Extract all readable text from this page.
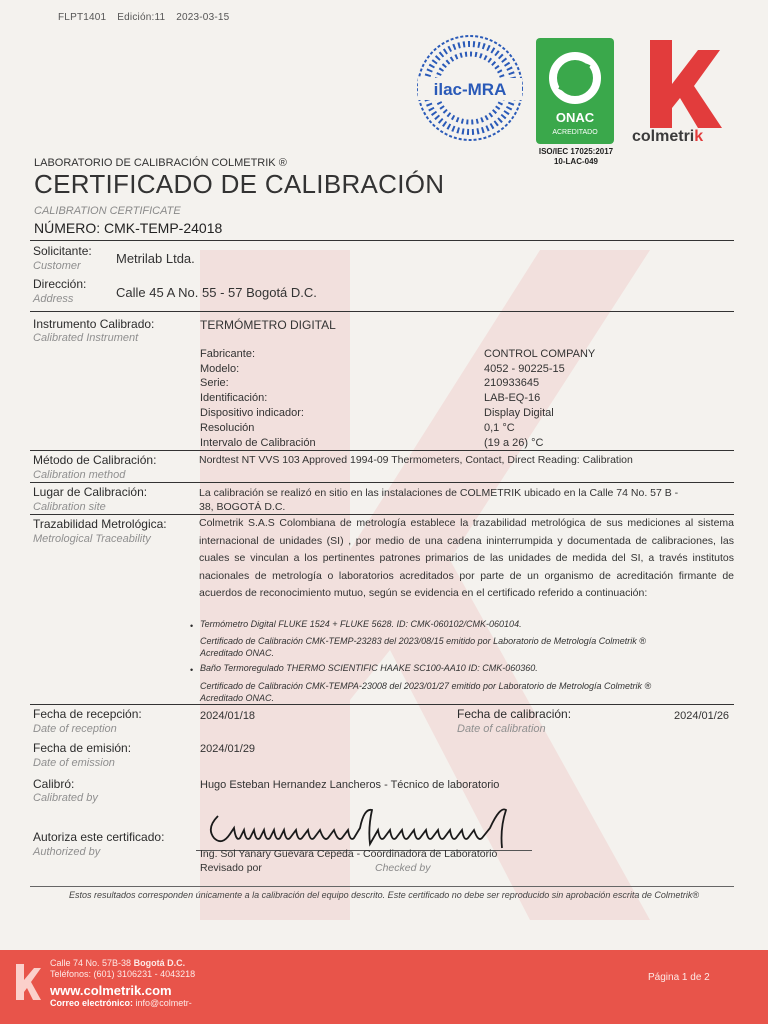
FLPT1401 Edición:11 2023-03-15
ilac-MRA
ONAC
ACREDITADO
ISO/IEC 17025:2017
10-LAC-049
colmetrik
LABORATORIO DE CALIBRACIÓN COLMETRIK ®
CERTIFICADO DE CALIBRACIÓN
CALIBRATION CERTIFICATE
NÚMERO: CMK-TEMP-24018
Solicitante:
Customer	Metrilab Ltda.
Dirección:
Address	Calle 45 A No. 55 - 57 Bogotá D.C.
Instrumento Calibrado:
Calibrated Instrument
TERMÓMETRO DIGITAL
Fabricante:	CONTROL COMPANY
Modelo:	4052 - 90225-15
Serie:	210933645
Identificación:	LAB-EQ-16
Dispositivo indicador:	Display Digital
Resolución	0,1 °C
Intervalo de Calibración	(19 a 26) °C
Método de Calibración:
Calibration method
Nordtest NT VVS 103 Approved 1994-09 Thermometers, Contact, Direct Reading: Calibration
Lugar de Calibración:
Calibration site
La calibración se realizó en sitio en las instalaciones de COLMETRIK ubicado en la Calle 74 No. 57 B -
38, BOGOTÁ D.C.
Trazabilidad Metrológica:
Metrological Traceability
Colmetrik S.A.S Colombiana de metrología establece la trazabilidad metrológica de sus mediciones al sistema internacional de unidades (SI) , por medio de una cadena ininterrumpida y documentada de calibraciones, las cuales se vinculan a los pertinentes patrones primarios de las unidades de medida del SI, a través institutos nacionales de metrología o laboratorios acreditados por parte de un organismo de acreditación firmante de acuerdos de reconocimiento mutuo, según se evidencia en el certificado referido a continuación:
• Termómetro Digital FLUKE 1524 + FLUKE 5628. ID: CMK-060102/CMK-060104.
Certificado de Calibración CMK-TEMP-23283 del 2023/08/15 emitido por Laboratorio de Metrología Colmetrik ®
Acreditado ONAC.
• Baño Termoregulado THERMO SCIENTIFIC HAAKE SC100-AA10 ID: CMK-060360.
Certificado de Calibración CMK-TEMPA-23008 del 2023/01/27 emitido por Laboratorio de Metrología Colmetrik ®
Acreditado ONAC.
Fecha de recepción:
Date of reception
2024/01/18	Fecha de calibración:
Date of calibration
2024/01/26
Fecha de emisión:
Date of emission
2024/01/29
Calibró:
Calibrated by
Hugo Esteban Hernandez Lancheros - Técnico de laboratorio
Autoriza este certificado:
Authorized by	Ing. Sol Yanary Guevara Cepeda - Coordinadora de Laboratorio
Revisado por	Checked by
Estos resultados corresponden únicamente a la calibración del equipo descrito. Este certificado no debe ser reproducido sin aprobación escrita de Colmetrik®
Calle 74 No. 57B-38 Bogotá D.C.
Teléfonos: (601) 3106231 - 4043218
www.colmetrik.com
Correo electrónico: info@colmetr-
Página 1 de 2
